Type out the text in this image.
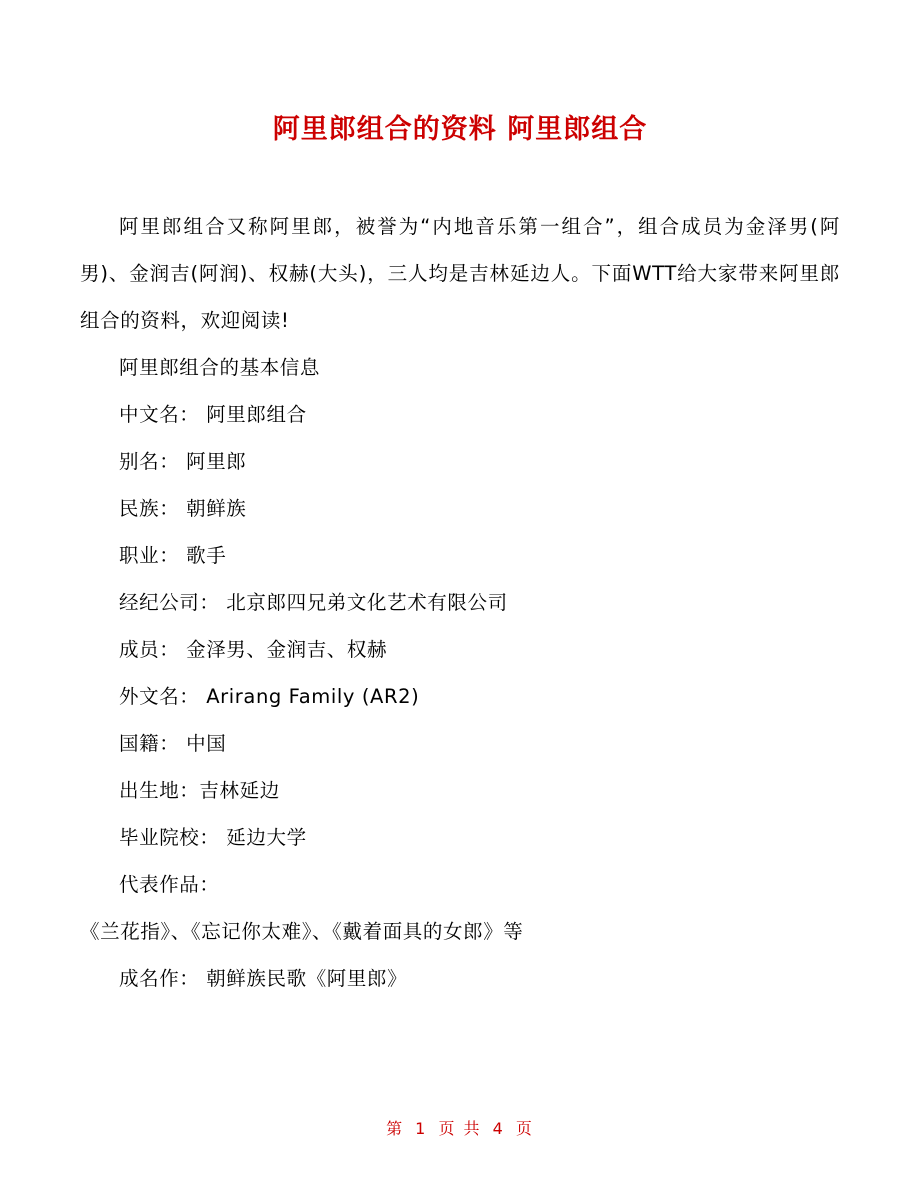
阿里郎组合的资料 阿里郎组合

阿里郎组合又称阿里郎，被誉为“内地音乐第一组合”，组合成员为金泽男(阿男)、金润吉(阿润)、权赫(大头)，三人均是吉林延边人。下面WTT给大家带来阿里郎组合的资料，欢迎阅读!

阿里郎组合的基本信息

中文名： 阿里郎组合

别名： 阿里郎

民族： 朝鲜族

职业： 歌手

经纪公司： 北京郎四兄弟文化艺术有限公司

成员： 金泽男、金润吉、权赫

外文名： Arirang Family (AR2)

国籍： 中国

出生地：吉林延边

毕业院校： 延边大学

代表作品：

《兰花指》、《忘记你太难》、《戴着面具的女郎》等

成名作： 朝鲜族民歌《阿里郎》

第 1 页 共 4 页
